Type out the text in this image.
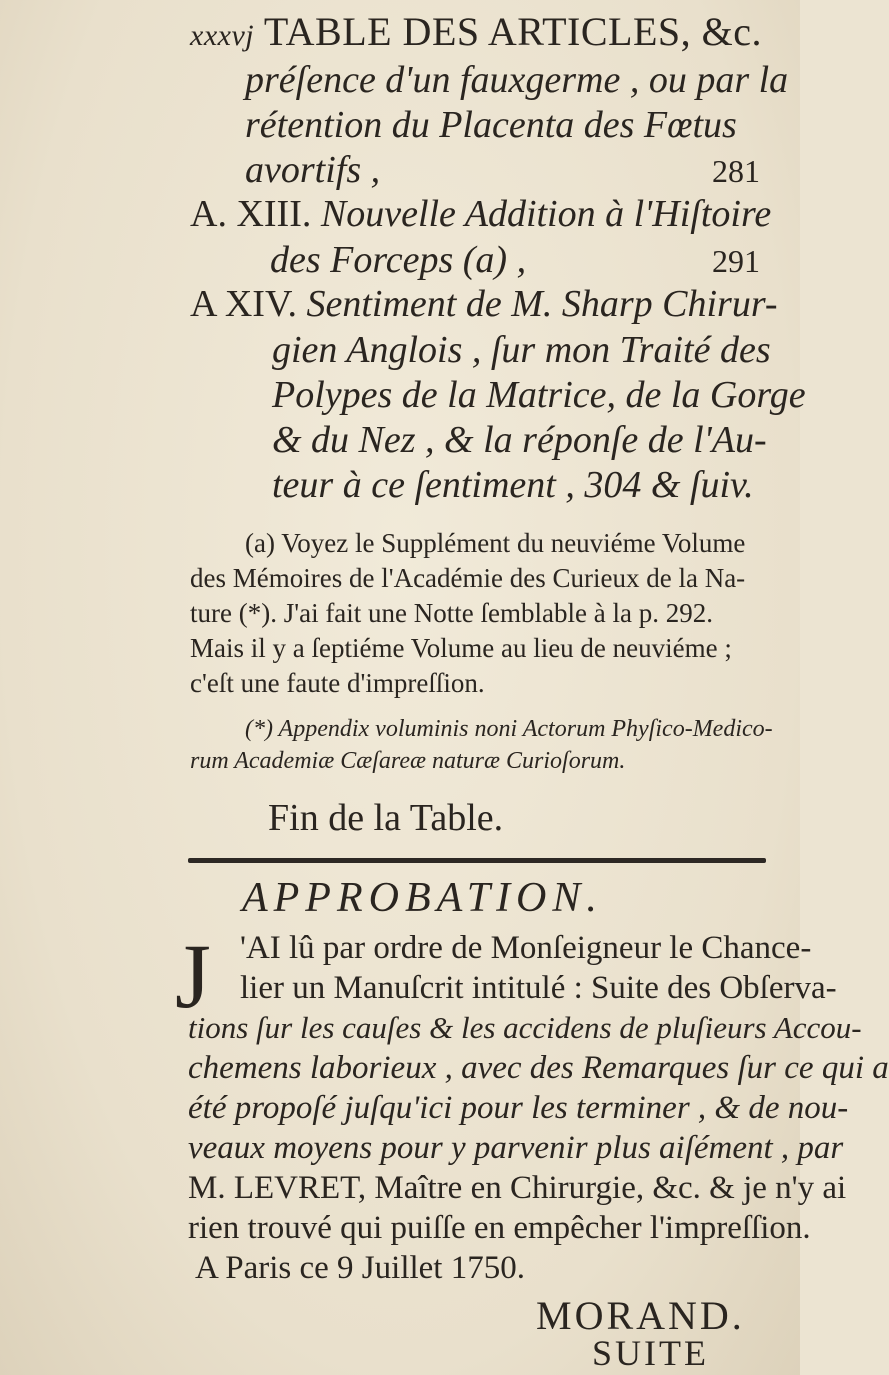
xxxvj TABLE DES ARTICLES, &c.
préſence d'un fauxgerme , ou par la
rétention du Placenta des Fœtus
avortifs ,	281
A. XIII. Nouvelle Addition à l'Hiſtoire
des Forceps (a) ,	291
A XIV. Sentiment de M. Sharp Chirur-
gien Anglois , ſur mon Traité des
Polypes de la Matrice, de la Gorge
& du Nez , & la réponſe de l'Au-
teur à ce ſentiment , 304 & ſuiv.
(a) Voyez le Supplément du neuviéme Volume
des Mémoires de l'Académie des Curieux de la Na-
ture (*). J'ai fait une Notte ſemblable à la p. 292.
Mais il y a ſeptiéme Volume au lieu de neuviéme ;
c'eſt une faute d'impreſſion.
(*) Appendix voluminis noni Actorum Phyſico-Medico-
rum Academiæ Cæſareæ naturæ Curioſorum.
Fin de la Table.
APPROBATION.
J 'AI lû par ordre de Monſeigneur le Chance-
lier un Manuſcrit intitulé : Suite des Obſerva-
tions ſur les cauſes & les accidens de pluſieurs Accou-
chemens laborieux , avec des Remarques ſur ce qui a
été propoſé juſqu'ici pour les terminer , & de nou-
veaux moyens pour y parvenir plus aiſément , par
M. LEVRET, Maître en Chirurgie, &c. & je n'y ai
rien trouvé qui puiſſe en empêcher l'impreſſion.
A Paris ce 9 Juillet 1750.
MORAND.
SUITE
